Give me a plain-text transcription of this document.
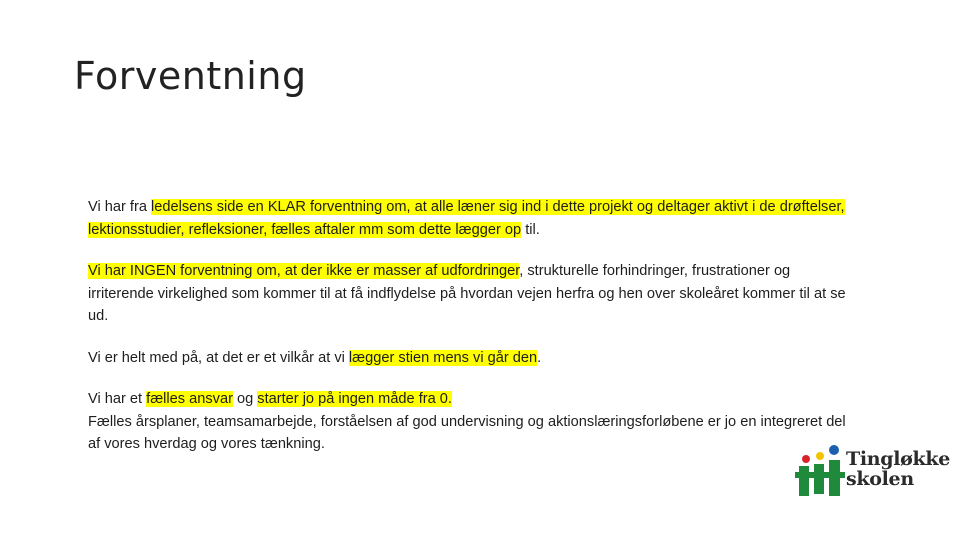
Forventning

Vi har fra ledelsens side en KLAR forventning om, at alle læner sig ind i dette projekt og deltager aktivt i de drøftelser, lektionsstudier, refleksioner, fælles aftaler mm som dette lægger op til.

Vi har INGEN forventning om, at der ikke er masser af udfordringer, strukturelle forhindringer, frustrationer og irriterende virkelighed som kommer til at få indflydelse på hvordan vejen herfra og hen over skoleåret kommer til at se ud.

Vi er helt med på, at det er et vilkår at vi lægger stien mens vi går den.

Vi har et fælles ansvar og starter jo på ingen måde fra 0.
Fælles årsplaner, teamsamarbejde, forståelsen af god undervisning og aktionslæringsforløbene er jo en integreret del af vores hverdag og vores tænkning.

Tingløkke
skolen
